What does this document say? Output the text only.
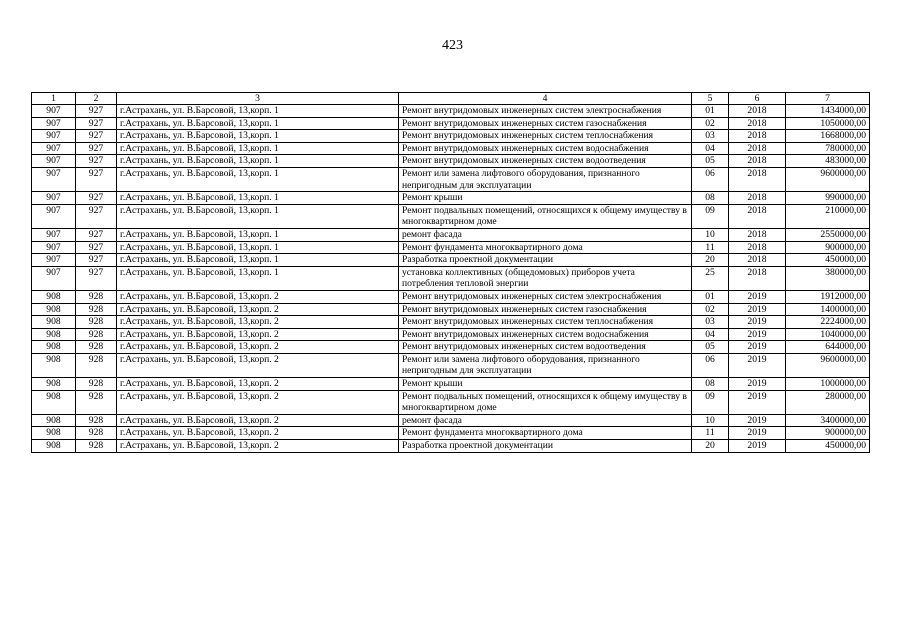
423
1	2	3	4	5	6	7
907	927	г.Астрахань, ул. В.Барсовой, 13,корп. 1	Ремонт внутридомовых инженерных систем электроснабжения	01	2018	1434000,00
907	927	г.Астрахань, ул. В.Барсовой, 13,корп. 1	Ремонт внутридомовых инженерных систем газоснабжения	02	2018	1050000,00
907	927	г.Астрахань, ул. В.Барсовой, 13,корп. 1	Ремонт внутридомовых инженерных систем теплоснабжения	03	2018	1668000,00
907	927	г.Астрахань, ул. В.Барсовой, 13,корп. 1	Ремонт внутридомовых инженерных систем водоснабжения	04	2018	780000,00
907	927	г.Астрахань, ул. В.Барсовой, 13,корп. 1	Ремонт внутридомовых инженерных систем водоотведения	05	2018	483000,00
907	927	г.Астрахань, ул. В.Барсовой, 13,корп. 1	Ремонт или замена лифтового оборудования, признанного непригодным для эксплуатации	06	2018	9600000,00
907	927	г.Астрахань, ул. В.Барсовой, 13,корп. 1	Ремонт крыши	08	2018	990000,00
907	927	г.Астрахань, ул. В.Барсовой, 13,корп. 1	Ремонт подвальных помещений, относящихся к общему имуществу в многоквартирном доме	09	2018	210000,00
907	927	г.Астрахань, ул. В.Барсовой, 13,корп. 1	ремонт фасада	10	2018	2550000,00
907	927	г.Астрахань, ул. В.Барсовой, 13,корп. 1	Ремонт фундамента многоквартирного дома	11	2018	900000,00
907	927	г.Астрахань, ул. В.Барсовой, 13,корп. 1	Разработка проектной документации	20	2018	450000,00
907	927	г.Астрахань, ул. В.Барсовой, 13,корп. 1	установка коллективных (общедомовых) приборов учета потребления тепловой энергии	25	2018	380000,00
908	928	г.Астрахань, ул. В.Барсовой, 13,корп. 2	Ремонт внутридомовых инженерных систем электроснабжения	01	2019	1912000,00
908	928	г.Астрахань, ул. В.Барсовой, 13,корп. 2	Ремонт внутридомовых инженерных систем газоснабжения	02	2019	1400000,00
908	928	г.Астрахань, ул. В.Барсовой, 13,корп. 2	Ремонт внутридомовых инженерных систем теплоснабжения	03	2019	2224000,00
908	928	г.Астрахань, ул. В.Барсовой, 13,корп. 2	Ремонт внутридомовых инженерных систем водоснабжения	04	2019	1040000,00
908	928	г.Астрахань, ул. В.Барсовой, 13,корп. 2	Ремонт внутридомовых инженерных систем водоотведения	05	2019	644000,00
908	928	г.Астрахань, ул. В.Барсовой, 13,корп. 2	Ремонт или замена лифтового оборудования, признанного непригодным для эксплуатации	06	2019	9600000,00
908	928	г.Астрахань, ул. В.Барсовой, 13,корп. 2	Ремонт крыши	08	2019	1000000,00
908	928	г.Астрахань, ул. В.Барсовой, 13,корп. 2	Ремонт подвальных помещений, относящихся к общему имуществу в многоквартирном доме	09	2019	280000,00
908	928	г.Астрахань, ул. В.Барсовой, 13,корп. 2	ремонт фасада	10	2019	3400000,00
908	928	г.Астрахань, ул. В.Барсовой, 13,корп. 2	Ремонт фундамента многоквартирного дома	11	2019	900000,00
908	928	г.Астрахань, ул. В.Барсовой, 13,корп. 2	Разработка проектной документации	20	2019	450000,00
